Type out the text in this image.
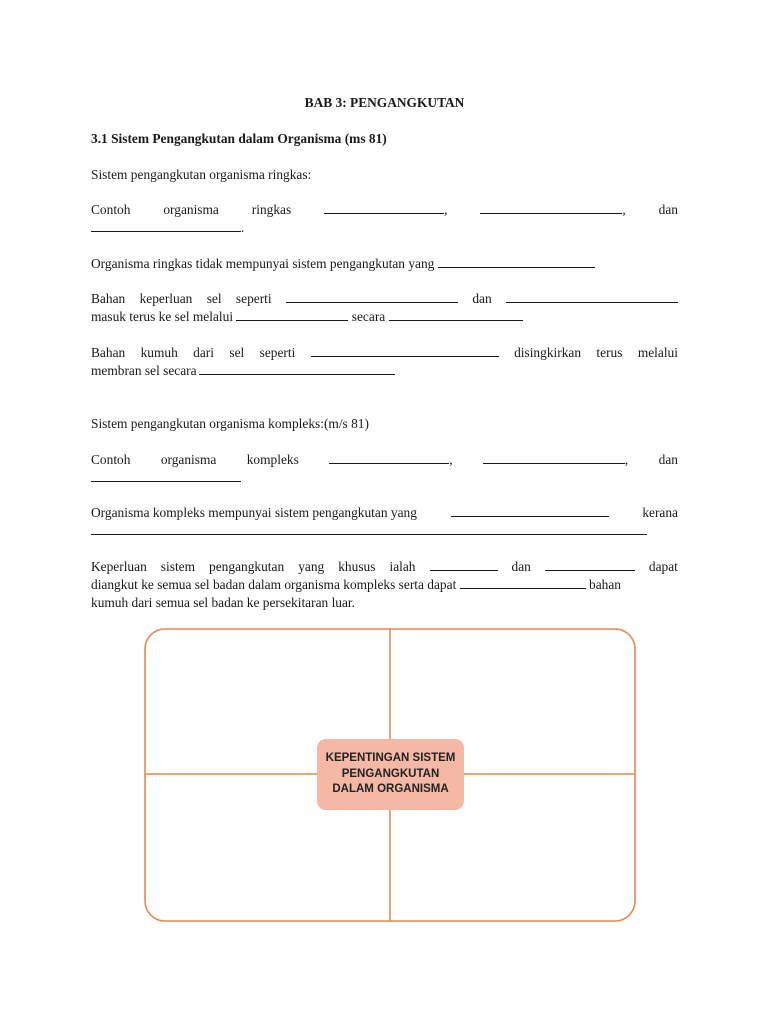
BAB 3: PENGANGKUTAN
3.1 Sistem Pengangkutan dalam Organisma (ms 81)
Sistem pengangkutan organisma ringkas:
Contoh organisma ringkas	,	, dan
.
Organisma ringkas tidak mempunyai sistem pengangkutan yang
Bahan keperluan sel seperti	dan
masuk terus ke sel melalui	secara
Bahan kumuh dari sel seperti	disingkirkan terus melalui
membran sel secara
Sistem pengangkutan organisma kompleks:(m/s 81)
Contoh organisma kompleks	,	, dan
Organisma kompleks mempunyai sistem pengangkutan yang	kerana
Keperluan sistem pengangkutan yang khusus ialah	dan	dapat
diangkut ke semua sel badan dalam organisma kompleks serta dapat	bahan
kumuh dari semua sel badan ke persekitaran luar.
KEPENTINGAN SISTEM
PENGANGKUTAN
DALAM ORGANISMA
